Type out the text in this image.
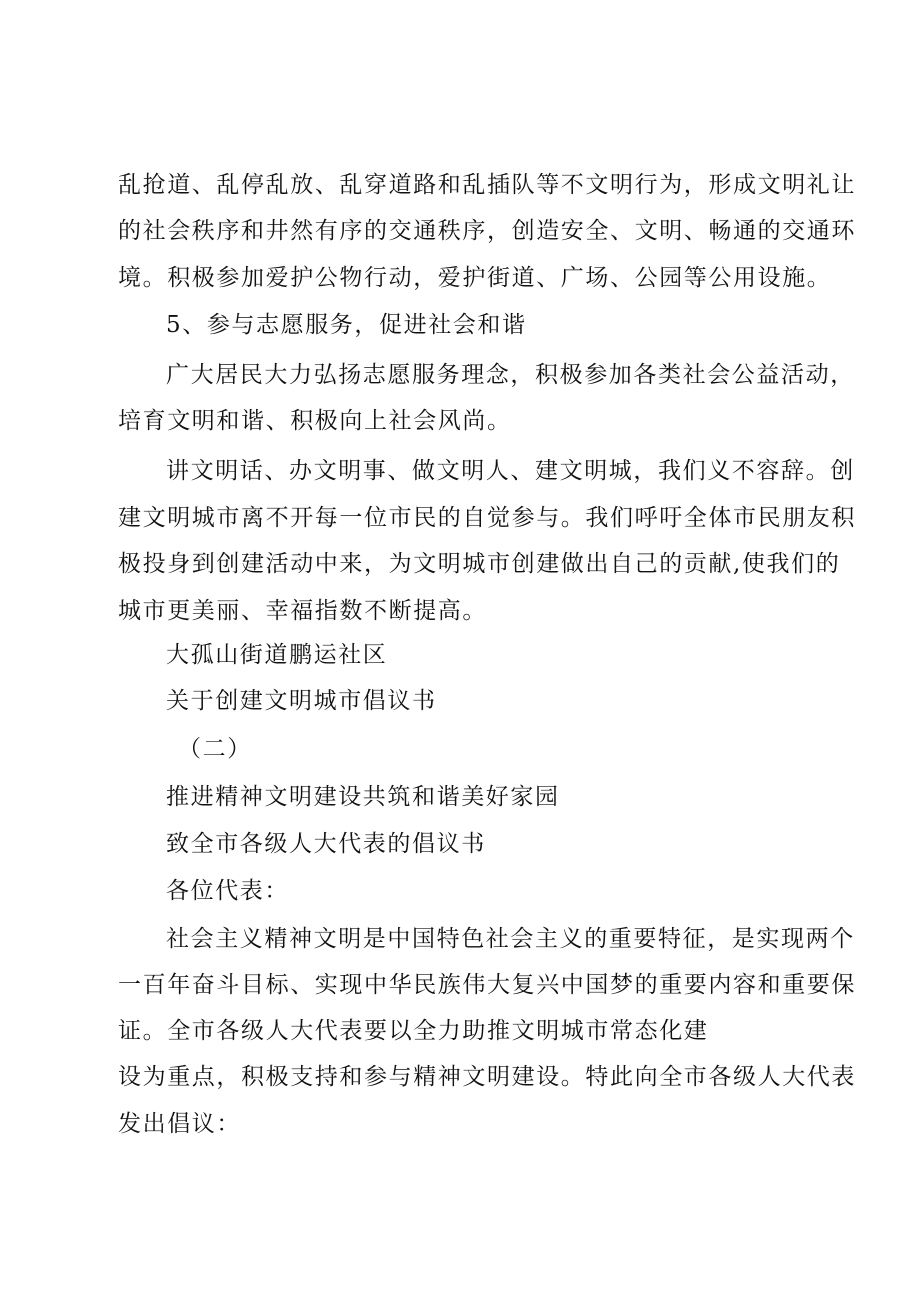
乱抢道、乱停乱放、乱穿道路和乱插队等不文明行为，形成文明礼让
的社会秩序和井然有序的交通秩序，创造安全、文明、畅通的交通环
境。积极参加爱护公物行动，爱护街道、广场、公园等公用设施。
5、参与志愿服务，促进社会和谐
广大居民大力弘扬志愿服务理念，积极参加各类社会公益活动，
培育文明和谐、积极向上社会风尚。
讲文明话、办文明事、做文明人、建文明城，我们义不容辞。创
建文明城市离不开每一位市民的自觉参与。我们呼吁全体市民朋友积
极投身到创建活动中来，为文明城市创建做出自己的贡献,使我们的
城市更美丽、幸福指数不断提高。
大孤山街道鹏运社区
关于创建文明城市倡议书
（二）
推进精神文明建设共筑和谐美好家园
致全市各级人大代表的倡议书
各位代表：
社会主义精神文明是中国特色社会主义的重要特征，是实现两个
一百年奋斗目标、实现中华民族伟大复兴中国梦的重要内容和重要保
证。全市各级人大代表要以全力助推文明城市常态化建
设为重点，积极支持和参与精神文明建设。特此向全市各级人大代表
发出倡议：
